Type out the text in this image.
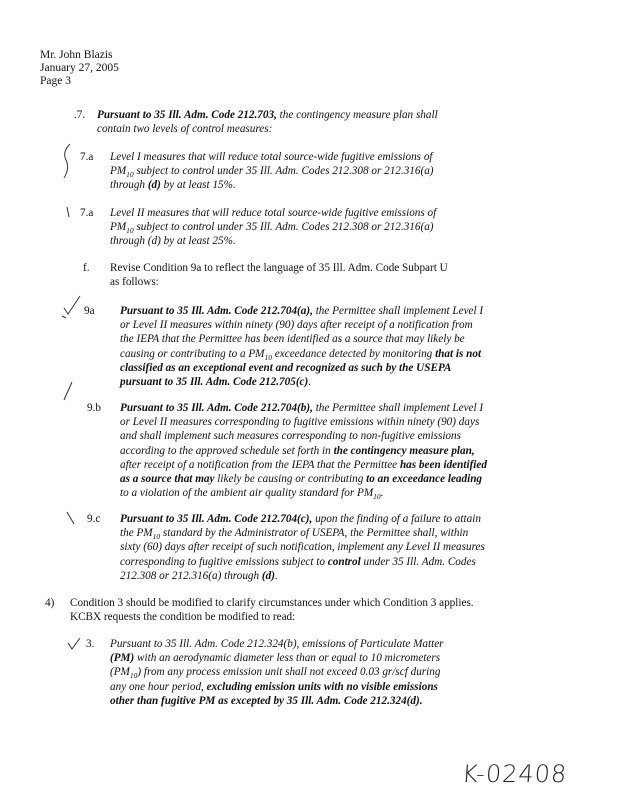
Mr. John Blazis
January 27, 2005
Page 3
.7. Pursuant to 35 Ill. Adm. Code 212.703, the contingency measure plan shall
contain two levels of control measures:
7.a Level I measures that will reduce total source-wide fugitive emissions of
$PM_{10}$ subject to control under 35 Ill. Adm. Codes 212.308 or 212.316(a)
through (d) by at least 15%.
7.a Level II measures that will reduce total source-wide fugitive emissions of
$PM_{10}$ subject to control under 35 Ill. Adm. Codes 212.308 or 212.316(a)
through (d) by at least 25%.
f. Revise Condition 9a to reflect the language of 35 Ill. Adm. Code Subpart U
as follows:
9a Pursuant to 35 Ill. Adm. Code 212.704(a), the Permittee shall implement Level I
or Level II measures within ninety (90) days after receipt of a notification from
the IEPA that the Permittee has been identified as a source that may likely be
causing or contributing to a $PM_{10}$ exceedance detected by monitoring that is not
classified as an exceptional event and recognized as such by the USEPA
pursuant to 35 Ill. Adm. Code 212.705(c).
9.b Pursuant to 35 Ill. Adm. Code 212.704(b), the Permittee shall implement Level I
or Level II measures corresponding to fugitive emissions within ninety (90) days
and shall implement such measures corresponding to non-fugitive emissions
according to the approved schedule set forth in the contingency measure plan,
after receipt of a notification from the IEPA that the Permittee has been identified
as a source that may likely be causing or contributing to an exceedance leading
to a violation of the ambient air quality standard for $PM_{10}$.
9.c Pursuant to 35 Ill. Adm. Code 212.704(c), upon the finding of a failure to attain
the $PM_{10}$ standard by the Administrator of USEPA, the Permittee shall, within
sixty (60) days after receipt of such notification, implement any Level II measures
corresponding to fugitive emissions subject to control under 35 Ill. Adm. Codes
212.308 or 212.316(a) through (d).
4) Condition 3 should be modified to clarify circumstances under which Condition 3 applies.
KCBX requests the condition be modified to read:
3. Pursuant to 35 Ill. Adm. Code 212.324(b), emissions of Particulate Matter
(PM) with an aerodynamic diameter less than or equal to 10 micrometers
$(PM_{10})$ from any process emission unit shall not exceed 0.03 gr/scf during
any one hour period, excluding emission units with no visible emissions
other than fugitive PM as excepted by 35 Ill. Adm. Code 212.324(d).
K-02408
